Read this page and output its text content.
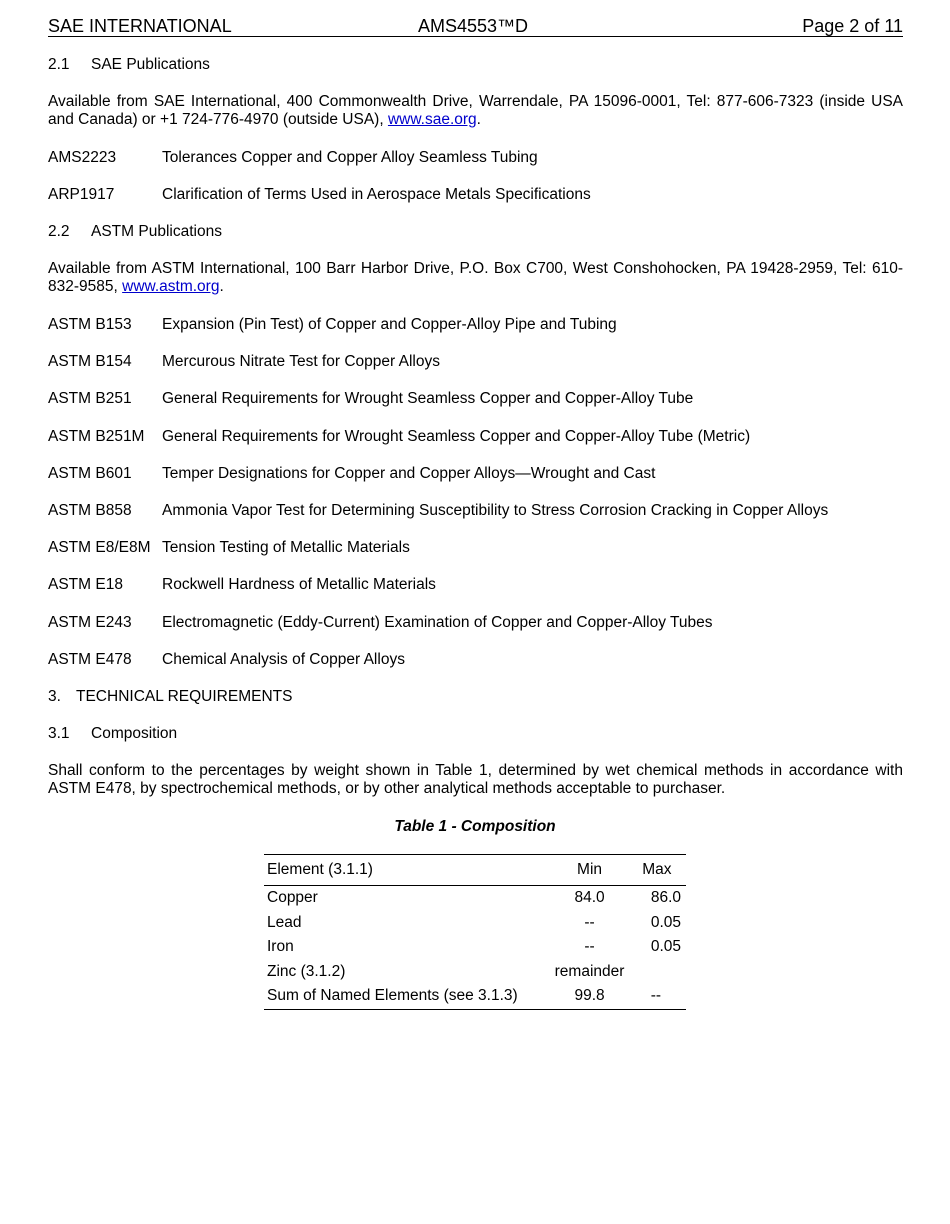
SAE INTERNATIONAL	AMS4553™D	Page 2 of 11
2.1 SAE Publications
Available from SAE International, 400 Commonwealth Drive, Warrendale, PA 15096-0001, Tel: 877-606-7323 (inside USA and Canada) or +1 724-776-4970 (outside USA), www.sae.org.
AMS2223	Tolerances Copper and Copper Alloy Seamless Tubing
ARP1917	Clarification of Terms Used in Aerospace Metals Specifications
2.2 ASTM Publications
Available from ASTM International, 100 Barr Harbor Drive, P.O. Box C700, West Conshohocken, PA 19428-2959, Tel: 610-832-9585, www.astm.org.
ASTM B153 Expansion (Pin Test) of Copper and Copper-Alloy Pipe and Tubing
ASTM B154 Mercurous Nitrate Test for Copper Alloys
ASTM B251 General Requirements for Wrought Seamless Copper and Copper-Alloy Tube
ASTM B251M General Requirements for Wrought Seamless Copper and Copper-Alloy Tube (Metric)
ASTM B601 Temper Designations for Copper and Copper Alloys—Wrought and Cast
ASTM B858 Ammonia Vapor Test for Determining Susceptibility to Stress Corrosion Cracking in Copper Alloys
ASTM E8/E8M Tension Testing of Metallic Materials
ASTM E18	Rockwell Hardness of Metallic Materials
ASTM E243 Electromagnetic (Eddy-Current) Examination of Copper and Copper-Alloy Tubes
ASTM E478 Chemical Analysis of Copper Alloys
3. TECHNICAL REQUIREMENTS
3.1 Composition
Shall conform to the percentages by weight shown in Table 1, determined by wet chemical methods in accordance with ASTM E478, by spectrochemical methods, or by other analytical methods acceptable to purchaser.
Table 1 - Composition
Element (3.1.1)	Min	Max
Copper	84.0	86.0
Lead	--	0.05
Iron	--	0.05
Zinc (3.1.2)	remainder	
Sum of Named Elements (see 3.1.3)	99.8	--
